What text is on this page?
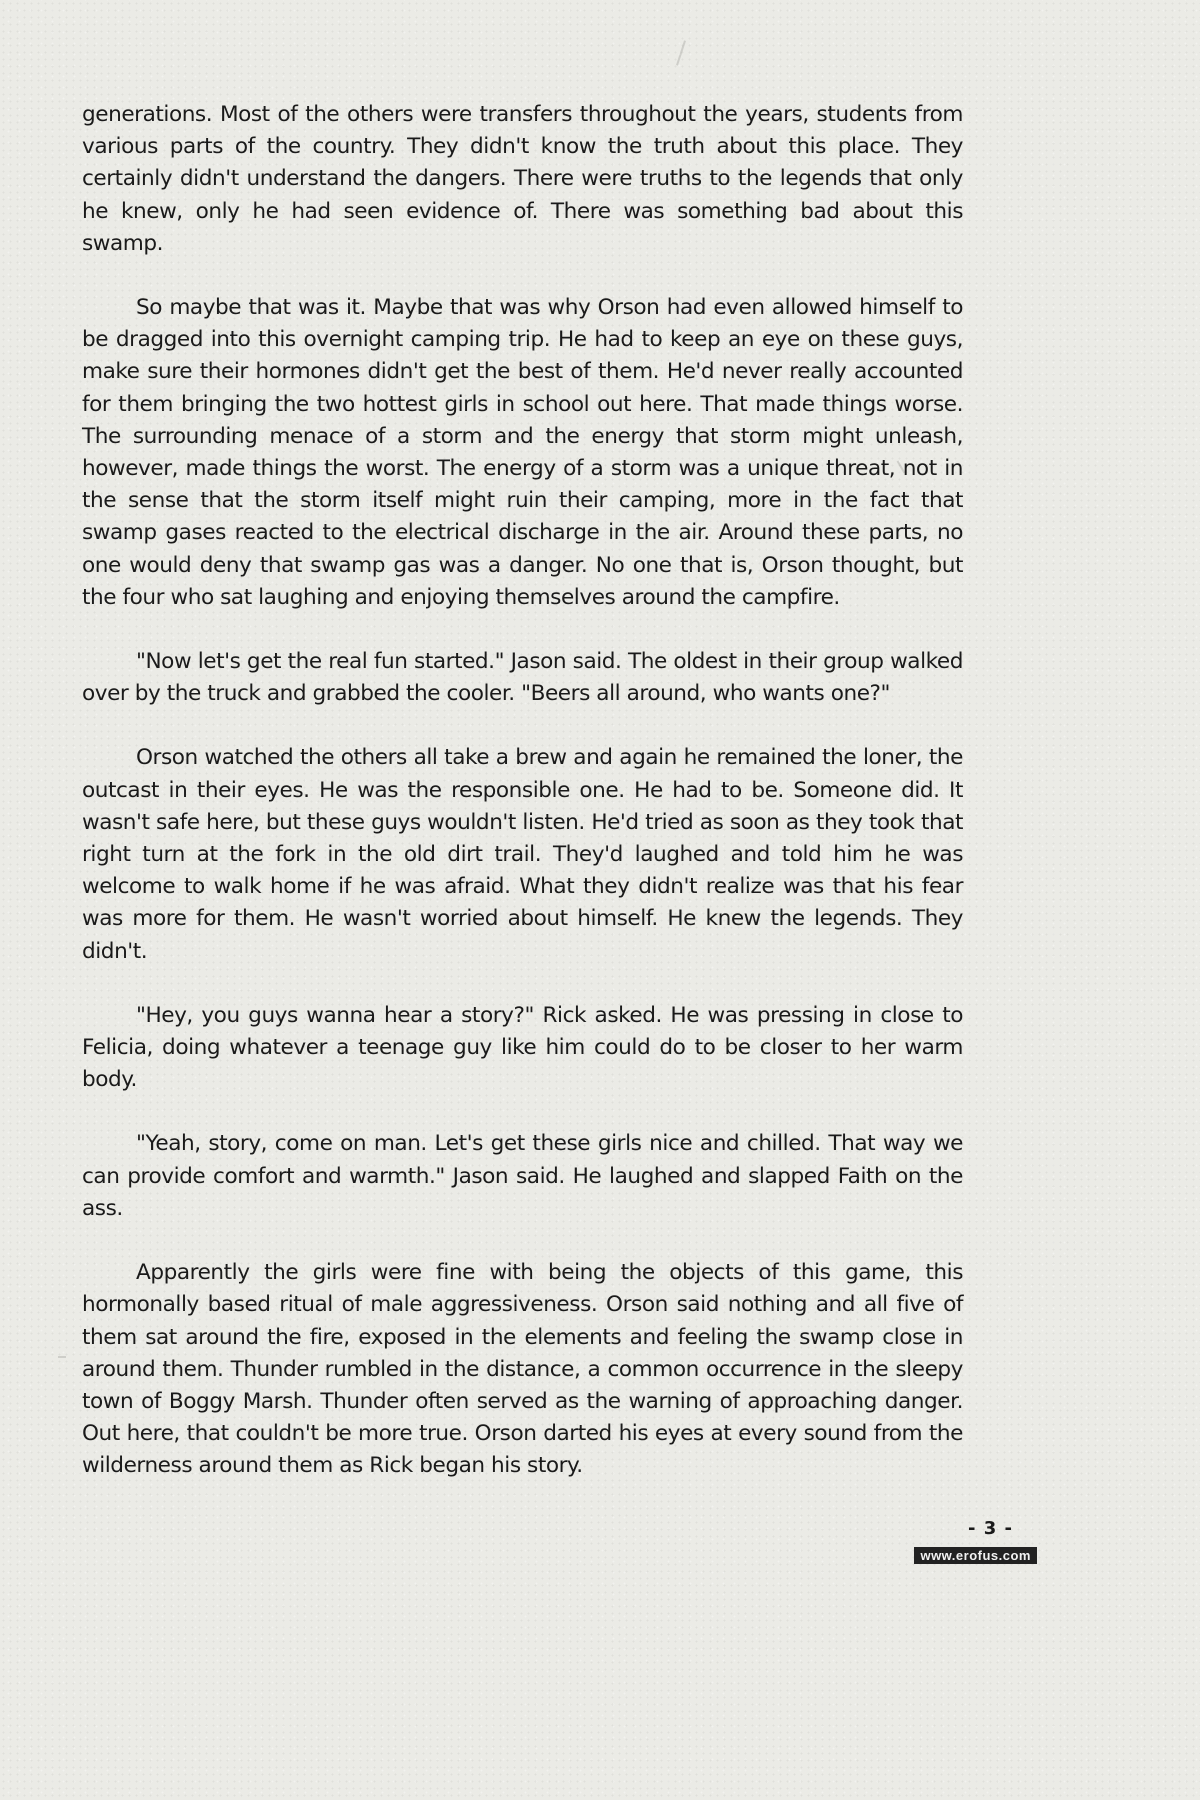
generations. Most of the others were transfers throughout the years, students from various parts of the country. They didn't know the truth about this place. They certainly didn't understand the dangers. There were truths to the legends that only he knew, only he had seen evidence of. There was something bad about this swamp.

So maybe that was it. Maybe that was why Orson had even allowed himself to be dragged into this overnight camping trip. He had to keep an eye on these guys, make sure their hormones didn't get the best of them. He'd never really accounted for them bringing the two hottest girls in school out here. That made things worse. The surrounding menace of a storm and the energy that storm might unleash, however, made things the worst. The energy of a storm was a unique threat, not in the sense that the storm itself might ruin their camping, more in the fact that swamp gases reacted to the electrical discharge in the air. Around these parts, no one would deny that swamp gas was a danger. No one that is, Orson thought, but the four who sat laughing and enjoying themselves around the campfire.

"Now let's get the real fun started." Jason said. The oldest in their group walked over by the truck and grabbed the cooler. "Beers all around, who wants one?"

Orson watched the others all take a brew and again he remained the loner, the outcast in their eyes. He was the responsible one. He had to be. Someone did. It wasn't safe here, but these guys wouldn't listen. He'd tried as soon as they took that right turn at the fork in the old dirt trail. They'd laughed and told him he was welcome to walk home if he was afraid. What they didn't realize was that his fear was more for them. He wasn't worried about himself. He knew the legends. They didn't.

"Hey, you guys wanna hear a story?" Rick asked. He was pressing in close to Felicia, doing whatever a teenage guy like him could do to be closer to her warm body.

"Yeah, story, come on man. Let's get these girls nice and chilled. That way we can provide comfort and warmth." Jason said. He laughed and slapped Faith on the ass.

Apparently the girls were fine with being the objects of this game, this hormonally based ritual of male aggressiveness. Orson said nothing and all five of them sat around the fire, exposed in the elements and feeling the swamp close in around them. Thunder rumbled in the distance, a common occurrence in the sleepy town of Boggy Marsh. Thunder often served as the warning of approaching danger. Out here, that couldn't be more true. Orson darted his eyes at every sound from the wilderness around them as Rick began his story.

- 3 -
www.erofus.com
